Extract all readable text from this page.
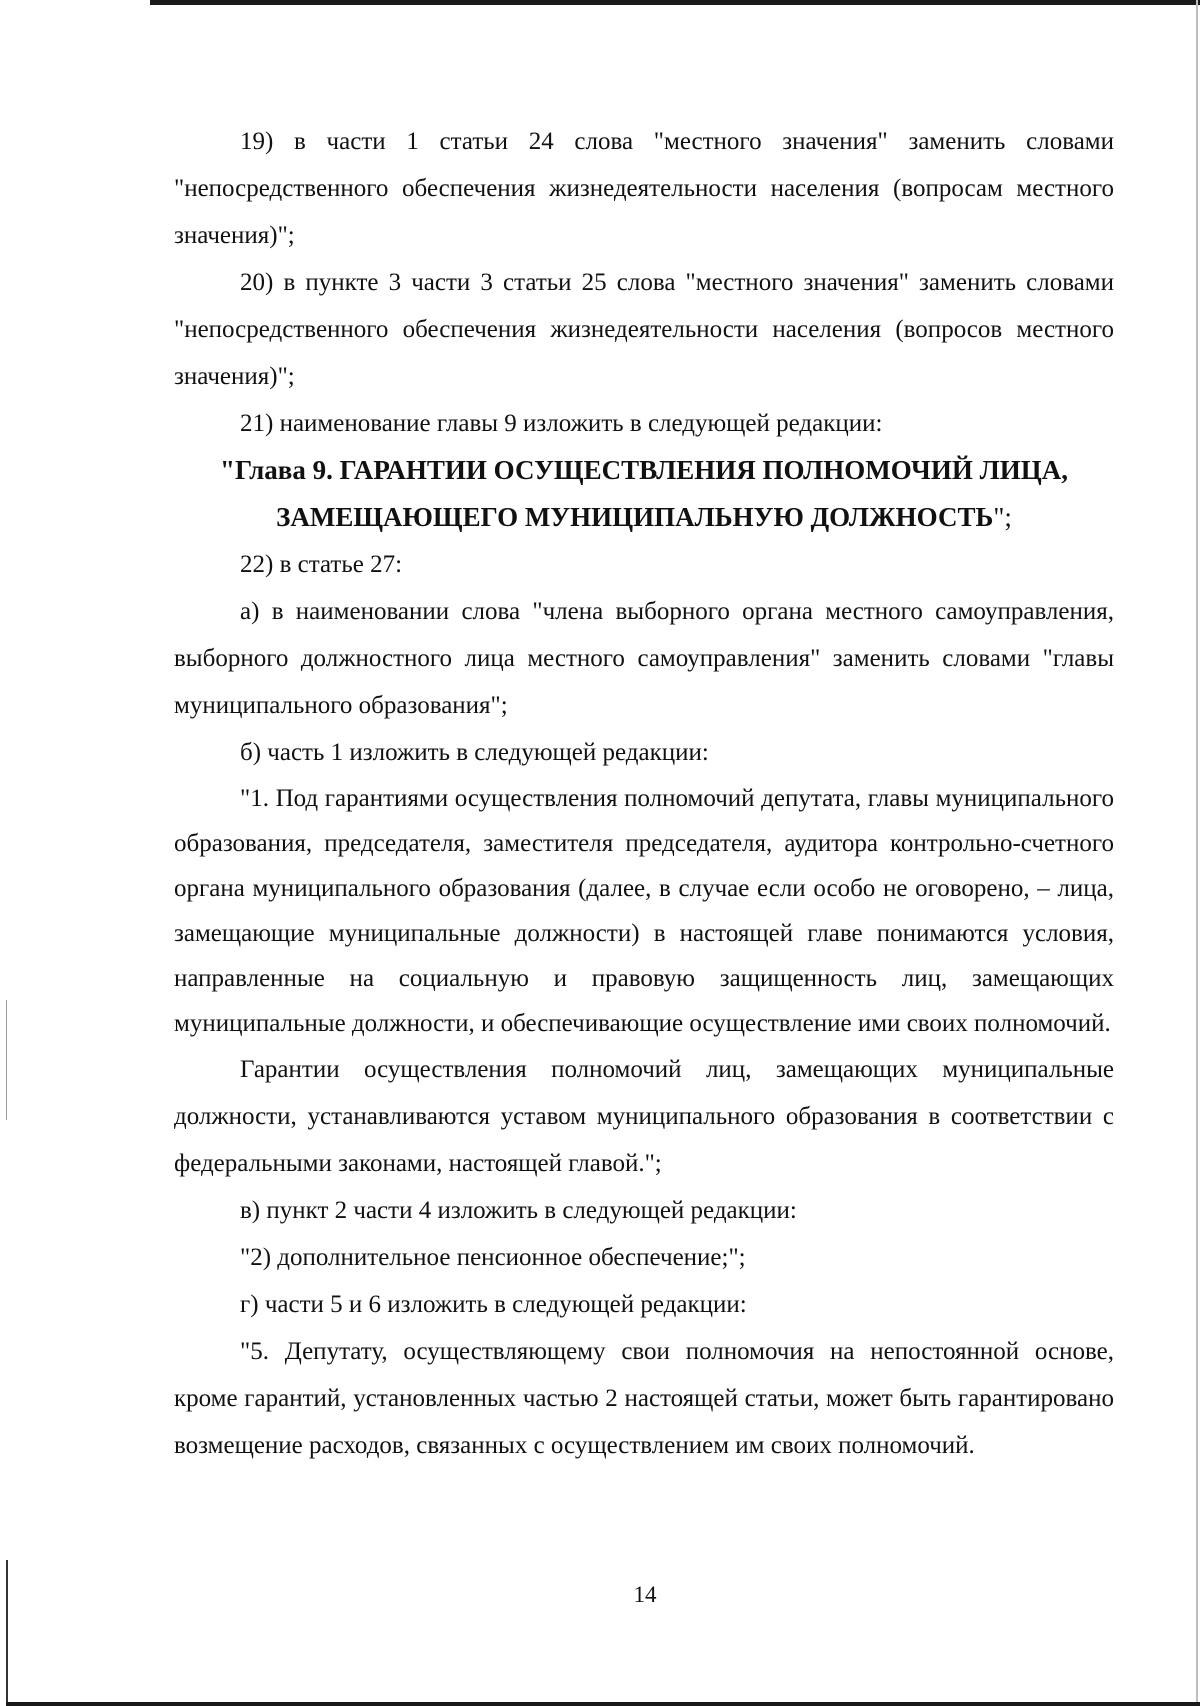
19) в части 1 статьи 24 слова "местного значения" заменить словами "непосредственного обеспечения жизнедеятельности населения (вопросам местного значения)";

20) в пункте 3 части 3 статьи 25 слова "местного значения" заменить словами "непосредственного обеспечения жизнедеятельности населения (вопросов местного значения)";

21) наименование главы 9 изложить в следующей редакции:

"Глава 9. ГАРАНТИИ ОСУЩЕСТВЛЕНИЯ ПОЛНОМОЧИЙ ЛИЦА,
ЗАМЕЩАЮЩЕГО МУНИЦИПАЛЬНУЮ ДОЛЖНОСТЬ";

22) в статье 27:

а) в наименовании слова "члена выборного органа местного самоуправления, выборного должностного лица местного самоуправления" заменить словами "главы муниципального образования";

б) часть 1 изложить в следующей редакции:

"1. Под гарантиями осуществления полномочий депутата, главы муниципального образования, председателя, заместителя председателя, аудитора контрольно-счетного органа муниципального образования (далее, в случае если особо не оговорено, – лица, замещающие муниципальные должности) в настоящей главе понимаются условия, направленные на социальную и правовую защищенность лиц, замещающих муниципальные должности, и обеспечивающие осуществление ими своих полномочий.

Гарантии осуществления полномочий лиц, замещающих муниципальные должности, устанавливаются уставом муниципального образования в соответствии с федеральными законами, настоящей главой.";

в) пункт 2 части 4 изложить в следующей редакции:

"2) дополнительное пенсионное обеспечение;";

г) части 5 и 6 изложить в следующей редакции:

"5. Депутату, осуществляющему свои полномочия на непостоянной основе, кроме гарантий, установленных частью 2 настоящей статьи, может быть гарантировано возмещение расходов, связанных с осуществлением им своих полномочий.

14
